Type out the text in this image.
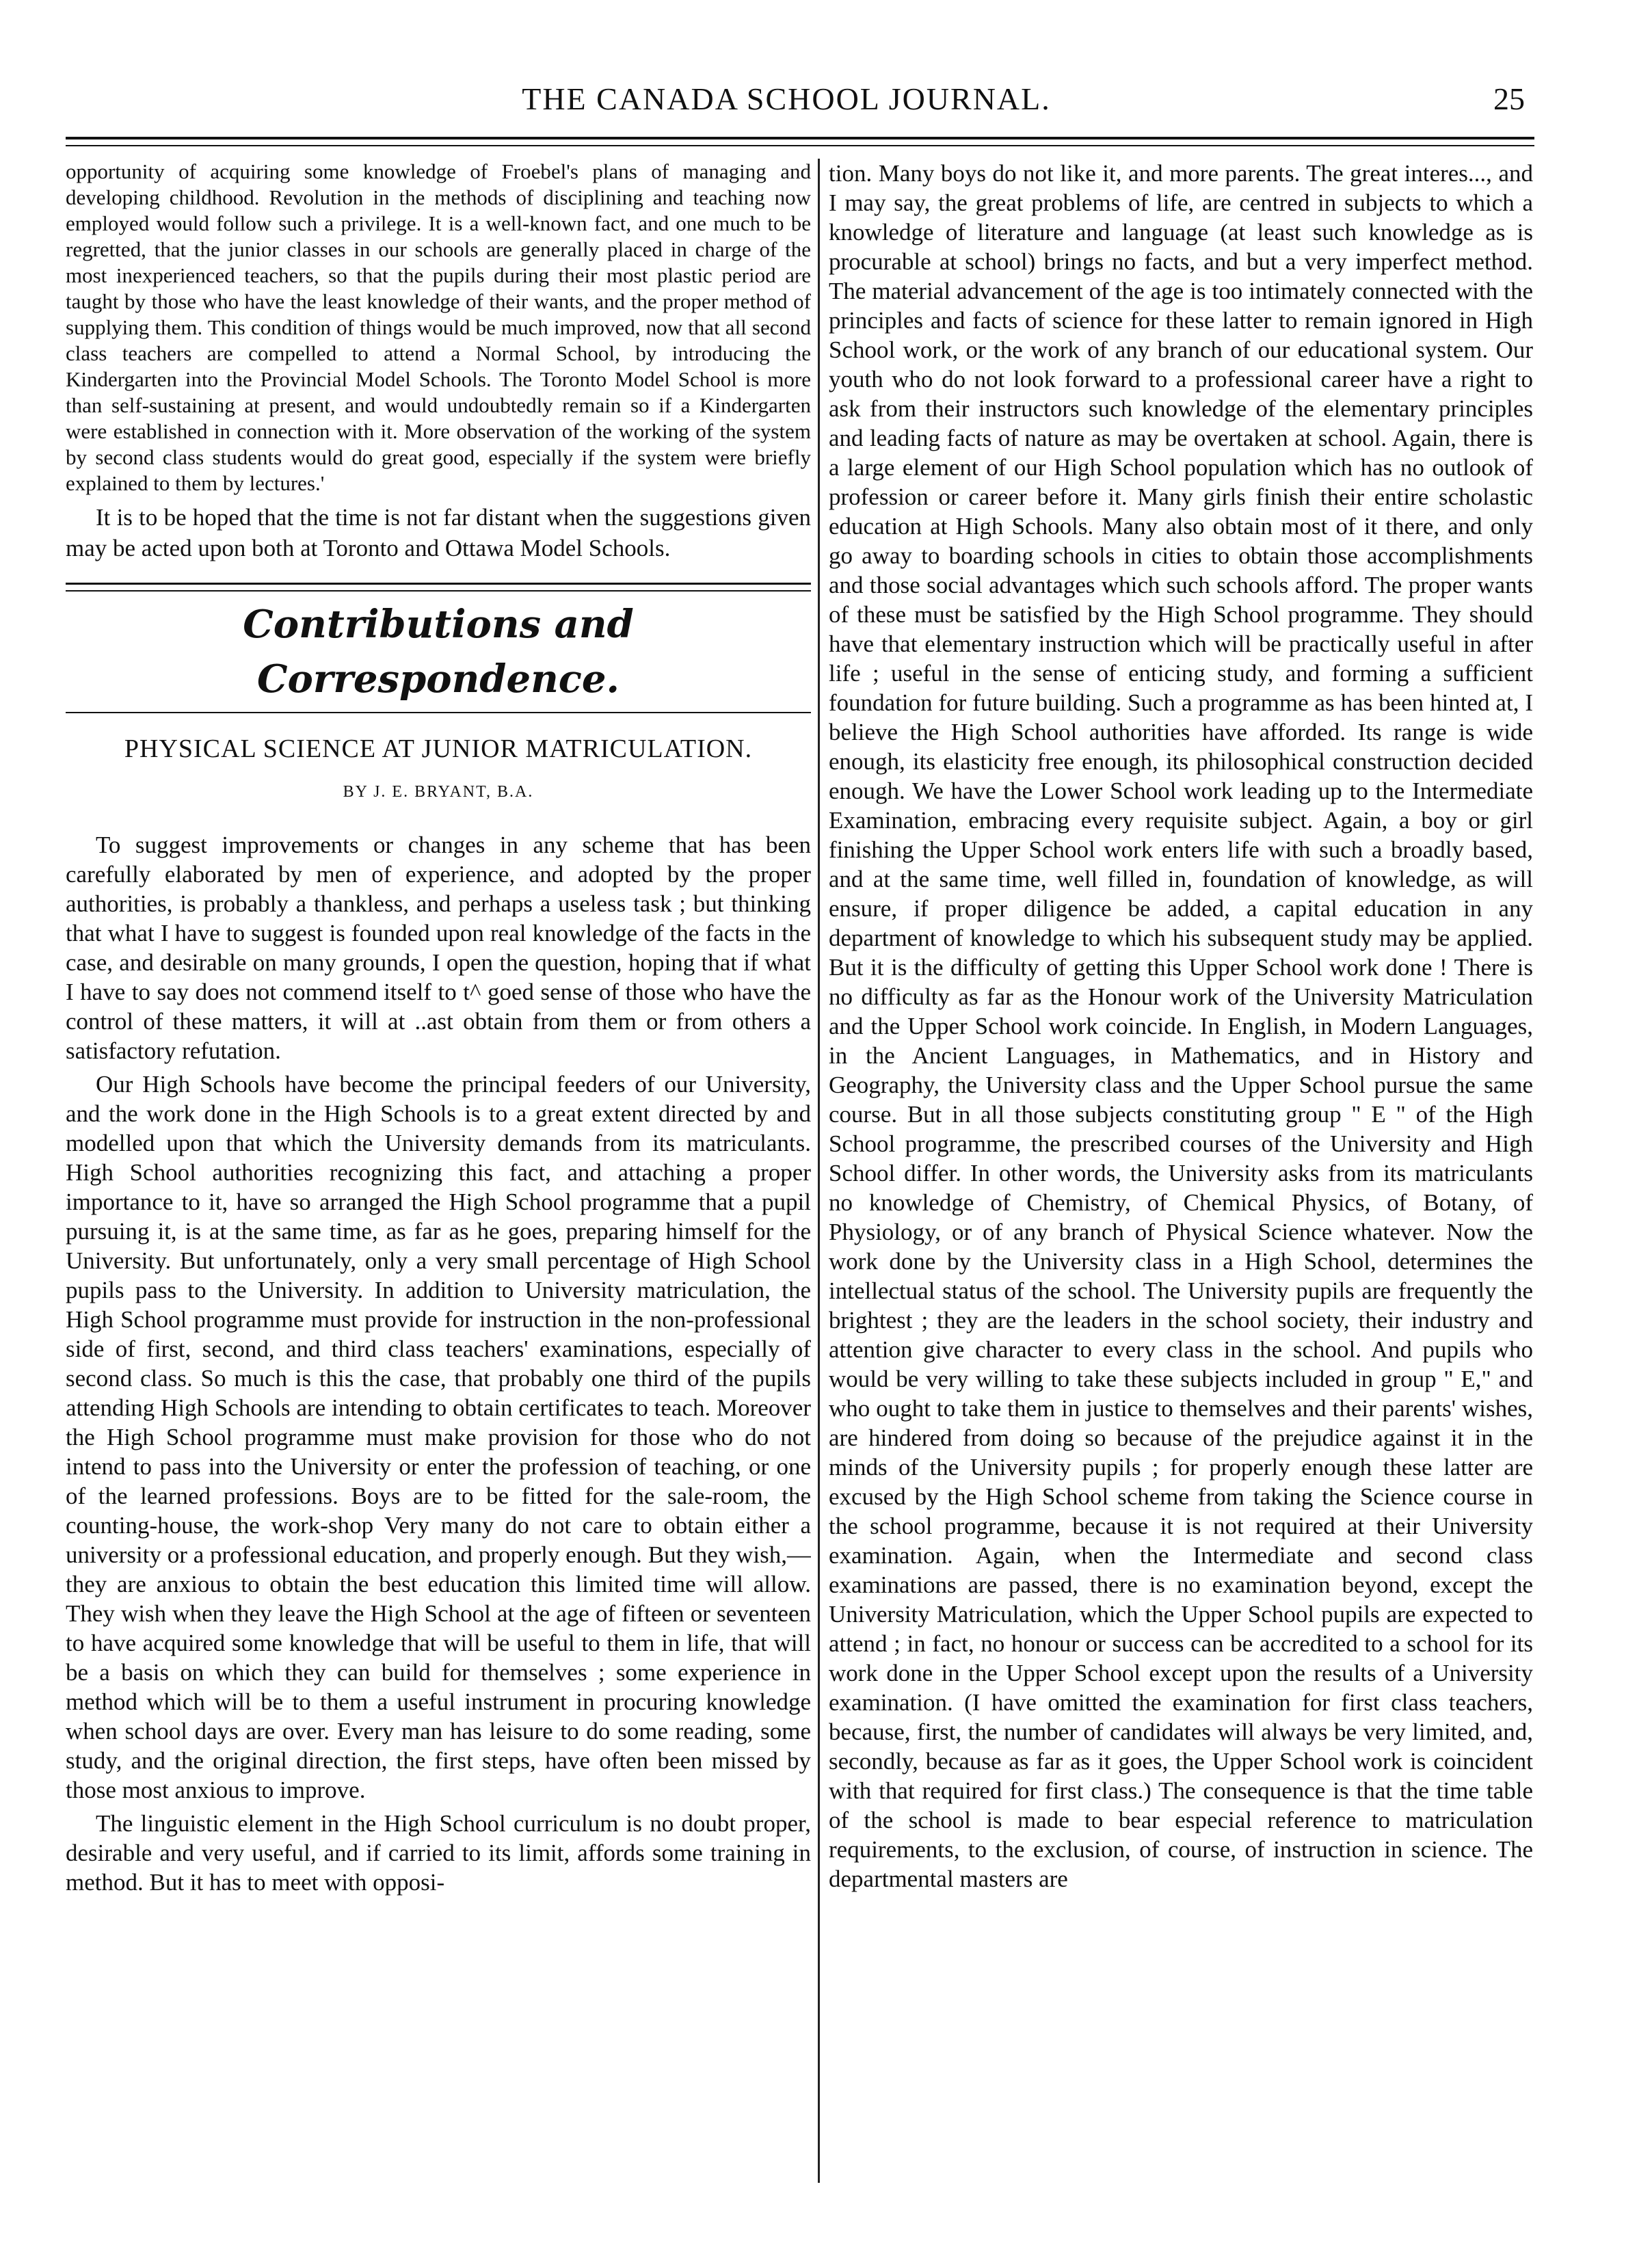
THE CANADA SCHOOL JOURNAL.	25

opportunity of acquiring some knowledge of Froebel's plans of managing and developing childhood. Revolution in the methods of disciplining and teaching now employed would follow such a privilege. It is a well-known fact, and one much to be regretted, that the junior classes in our schools are generally placed in charge of the most inexperienced teachers, so that the pupils during their most plastic period are taught by those who have the least knowledge of their wants, and the proper method of supplying them. This condition of things would be much improved, now that all second class teachers are compelled to attend a Normal School, by introducing the Kindergarten into the Provincial Model Schools. The Toronto Model School is more than self-sustaining at present, and would undoubtedly remain so if a Kindergarten were established in connection with it. More observation of the working of the system by second class students would do great good, especially if the system were briefly explained to them by lectures.'

It is to be hoped that the time is not far distant when the suggestions given may be acted upon both at Toronto and Ottawa Model Schools.

Contributions and Correspondence.
PHYSICAL SCIENCE AT JUNIOR MATRICULATION.
BY J. E. BRYANT, B.A.

To suggest improvements or changes in any scheme that has been carefully elaborated by men of experience, and adopted by the proper authorities, is probably a thankless, and perhaps a useless task ; but thinking that what I have to suggest is founded upon real knowledge of the facts in the case, and desirable on many grounds, I open the question, hoping that if what I have to say does not commend itself to t^ goed sense of those who have the control of these matters, it will at ..ast obtain from them or from others a satisfactory refutation.

Our High Schools have become the principal feeders of our University, and the work done in the High Schools is to a great extent directed by and modelled upon that which the University demands from its matriculants. High School authorities recognizing this fact, and attaching a proper importance to it, have so arranged the High School programme that a pupil pursuing it, is at the same time, as far as he goes, preparing himself for the University. But unfortunately, only a very small percentage of High School pupils pass to the University. In addition to University matriculation, the High School programme must provide for instruction in the non-professional side of first, second, and third class teachers' examinations, especially of second class. So much is this the case, that probably one third of the pupils attending High Schools are intending to obtain certificates to teach. Moreover the High School programme must make provision for those who do not intend to pass into the University or enter the profession of teaching, or one of the learned professions. Boys are to be fitted for the sale-room, the counting-house, the work-shop Very many do not care to obtain either a university or a professional education, and properly enough. But they wish,—they are anxious to obtain the best education this limited time will allow. They wish when they leave the High School at the age of fifteen or seventeen to have acquired some knowledge that will be useful to them in life, that will be a basis on which they can build for themselves ; some experience in method which will be to them a useful instrument in procuring knowledge when school days are over. Every man has leisure to do some reading, some study, and the original direction, the first steps, have often been missed by those most anxious to improve.

The linguistic element in the High School curriculum is no doubt proper, desirable and very useful, and if carried to its limit, affords some training in method. But it has to meet with opposi-

tion. Many boys do not like it, and more parents. The great interes..., and I may say, the great problems of life, are centred in subjects to which a knowledge of literature and language (at least such knowledge as is procurable at school) brings no facts, and but a very imperfect method. The material advancement of the age is too intimately connected with the principles and facts of science for these latter to remain ignored in High School work, or the work of any branch of our educational system. Our youth who do not look forward to a professional career have a right to ask from their instructors such knowledge of the elementary principles and leading facts of nature as may be overtaken at school. Again, there is a large element of our High School population which has no outlook of profession or career before it. Many girls finish their entire scholastic education at High Schools. Many also obtain most of it there, and only go away to boarding schools in cities to obtain those accomplishments and those social advantages which such schools afford. The proper wants of these must be satisfied by the High School programme. They should have that elementary instruction which will be practically useful in after life ; useful in the sense of enticing study, and forming a sufficient foundation for future building. Such a programme as has been hinted at, I believe the High School authorities have afforded. Its range is wide enough, its elasticity free enough, its philosophical construction decided enough. We have the Lower School work leading up to the Intermediate Examination, embracing every requisite subject. Again, a boy or girl finishing the Upper School work enters life with such a broadly based, and at the same time, well filled in, foundation of knowledge, as will ensure, if proper diligence be added, a capital education in any department of knowledge to which his subsequent study may be applied. But it is the difficulty of getting this Upper School work done ! There is no difficulty as far as the Honour work of the University Matriculation and the Upper School work coincide. In English, in Modern Languages, in the Ancient Languages, in Mathematics, and in History and Geography, the University class and the Upper School pursue the same course. But in all those subjects constituting group " E " of the High School programme, the prescribed courses of the University and High School differ. In other words, the University asks from its matriculants no knowledge of Chemistry, of Chemical Physics, of Botany, of Physiology, or of any branch of Physical Science whatever. Now the work done by the University class in a High School, determines the intellectual status of the school. The University pupils are frequently the brightest ; they are the leaders in the school society, their industry and attention give character to every class in the school. And pupils who would be very willing to take these subjects included in group " E," and who ought to take them in justice to themselves and their parents' wishes, are hindered from doing so because of the prejudice against it in the minds of the University pupils ; for properly enough these latter are excused by the High School scheme from taking the Science course in the school programme, because it is not required at their University examination. Again, when the Intermediate and second class examinations are passed, there is no examination beyond, except the University Matriculation, which the Upper School pupils are expected to attend ; in fact, no honour or success can be accredited to a school for its work done in the Upper School except upon the results of a University examination. (I have omitted the examination for first class teachers, because, first, the number of candidates will always be very limited, and, secondly, because as far as it goes, the Upper School work is coincident with that required for first class.) The consequence is that the time table of the school is made to bear especial reference to matriculation requirements, to the exclusion, of course, of instruction in science. The departmental masters are
